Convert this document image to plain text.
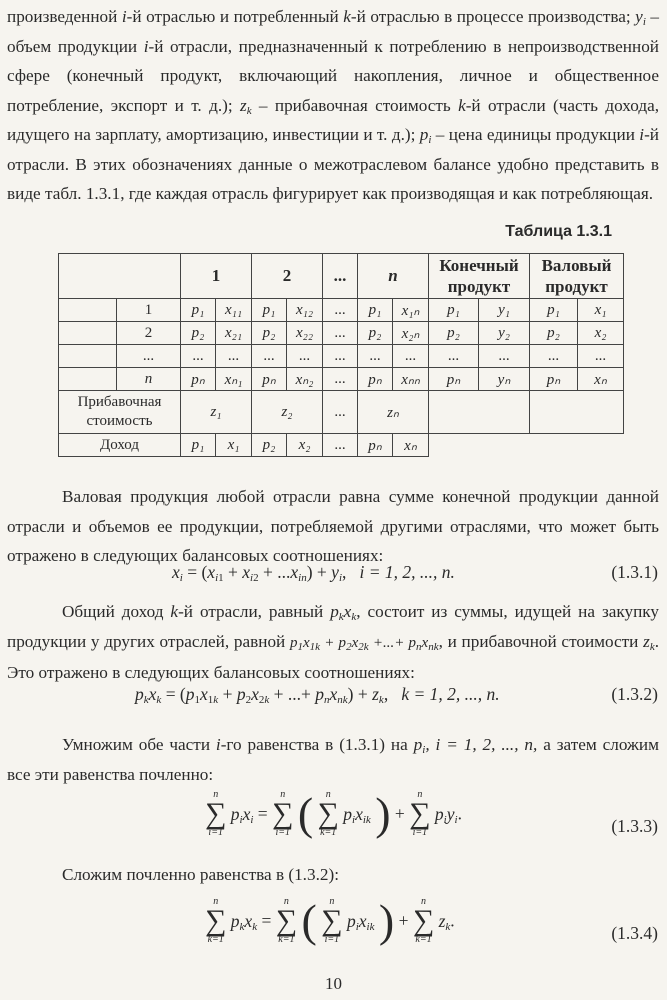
произведенной i-й отраслью и потребленный k-й отраслью в процессе производства; $y_i$ – объем продукции i-й отрасли, предназначенный к потреблению в непроизводственной сфере (конечный продукт, включающий накопления, личное и общественное потребление, экспорт и т. д.); $z_k$ – прибавочная стоимость k-й отрасли (часть дохода, идущего на зарплату, амортизацию, инвестиции и т. д.); $p_i$ – цена единицы продукции i-й отрасли. В этих обозначениях данные о межотраслевом балансе удобно представить в виде табл. 1.3.1, где каждая отрасль фигурирует как производящая и как потребляющая.
Таблица 1.3.1
		1		2		...	n		Конечный продукт		Валовый продукт	
	1	p₁	x₁₁	p₁	x₁₂	...	p₁	x₁ₙ	p₁	y₁	p₁	x₁
	2	p₂	x₂₁	p₂	x₂₂	...	p₂	x₂ₙ	p₂	y₂	p₂	x₂
	...	...	...	...	...	...	...	...	...	...	...	...
	n	pₙ	xₙ₁	pₙ	xₙ₂	...	pₙ	xₙₙ	pₙ	yₙ	pₙ	xₙ
Прибавочная стоимость		z₁		z₂		...	zₙ					
Доход		p₁	x₁	p₂	x₂	...	pₙ	xₙ				
Валовая продукция любой отрасли равна сумме конечной продукции данной отрасли и объемов ее продукции, потребляемой другими отраслями, что может быть отражено в следующих балансовых соотношениях:
$x_i = (x_{i1} + x_{i2} + ...x_{in}) + y_i$,   i = 1, 2, ..., n.	(1.3.1)
Общий доход k-й отрасли, равный $p_kx_k$, состоит из суммы, идущей на закупку продукции у других отраслей, равной $p_1x_{1k} + p_2x_{2k}$ +...+ $p_nx_{nk}$, и прибавочной стоимости $z_k$. Это отражено в следующих балансовых соотношениях:
$p_kx_k = (p_1x_{1k} + p_2x_{2k}$ + ...+ $p_nx_{nk}) + z_k$,   k = 1, 2, ..., n.	(1.3.2)
Умножим обе части i-го равенства в (1.3.1) на $p_i$, i = 1, 2, ..., n, а затем сложим все эти равенства почленно:
n
∑
i=1
$p_ix_i$ =
n
∑
i=1 (	n
∑
k=1
$p_ix_{ik}$ ) +
n
∑
i=1
$p_iy_i$.
(1.3.3)
Сложим почленно равенства в (1.3.2):
n
∑
k=1
$p_kx_k$ =
n
∑
k=1 (	n
∑
i=1
$p_ix_{ik}$ ) +
n
∑
k=1
$z_k$.
(1.3.4)
10
